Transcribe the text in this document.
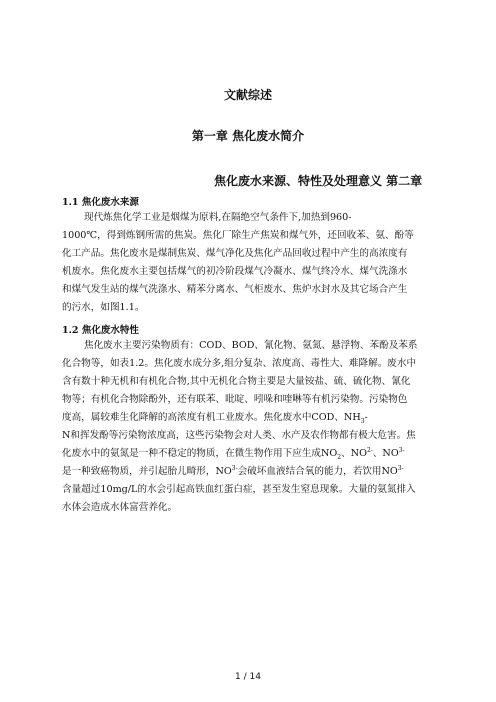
文献综述
第一章 焦化废水简介
焦化废水来源、特性及处理意义 第二章
1.1 焦化废水来源
现代炼焦化学工业是烟煤为原料,在隔绝空气条件下,加热到960-
1000℃，得到炼钢所需的焦炭。焦化厂除生产焦炭和煤气外，还回收苯、氨、酚等
化工产品。焦化废水是煤制焦炭、煤气净化及焦化产品回收过程中产生的高浓度有
机废水。焦化废水主要包括煤气的初冷阶段煤气冷凝水、煤气终冷水、煤气洗涤水
和煤气发生站的煤气洗涤水、精苯分离水、气柜废水、焦炉水封水及其它场合产生
的污水，如图1.1。
1.2 焦化废水特性
焦化废水主要污染物质有：COD、BOD、氰化物、氨氮、悬浮物、苯酚及苯系
化合物等，如表1.2。焦化废水成分多,组分复杂、浓度高、毒性大、难降解。废水中
含有数十种无机和有机化合物,其中无机化合物主要是大量铵盐、硫、硫化物、氰化
物等；有机化合物除酚外，还有联苯、吡啶、吲哚和喹啉等有机污染物。污染物色
度高，属较难生化降解的高浓度有机工业废水。焦化废水中COD、$NH_3-$
N和挥发酚等污染物浓度高，这些污染物会对人类、水产及农作物都有极大危害。焦
化废水中的氨氮是一种不稳定的物质，在微生物作用下应生成$NO_2$、$NO^{2-}$、$NO^{3-}$
是一种致癌物质，并引起胎儿畸形，$NO^{3-}$会破坏血液结合氧的能力，若饮用$NO^{3-}$
含量超过10mg/L的水会引起高铁血红蛋白症，甚至发生窒息现象。大量的氨氮排入
水体会造成水体富营养化。
1 / 14
